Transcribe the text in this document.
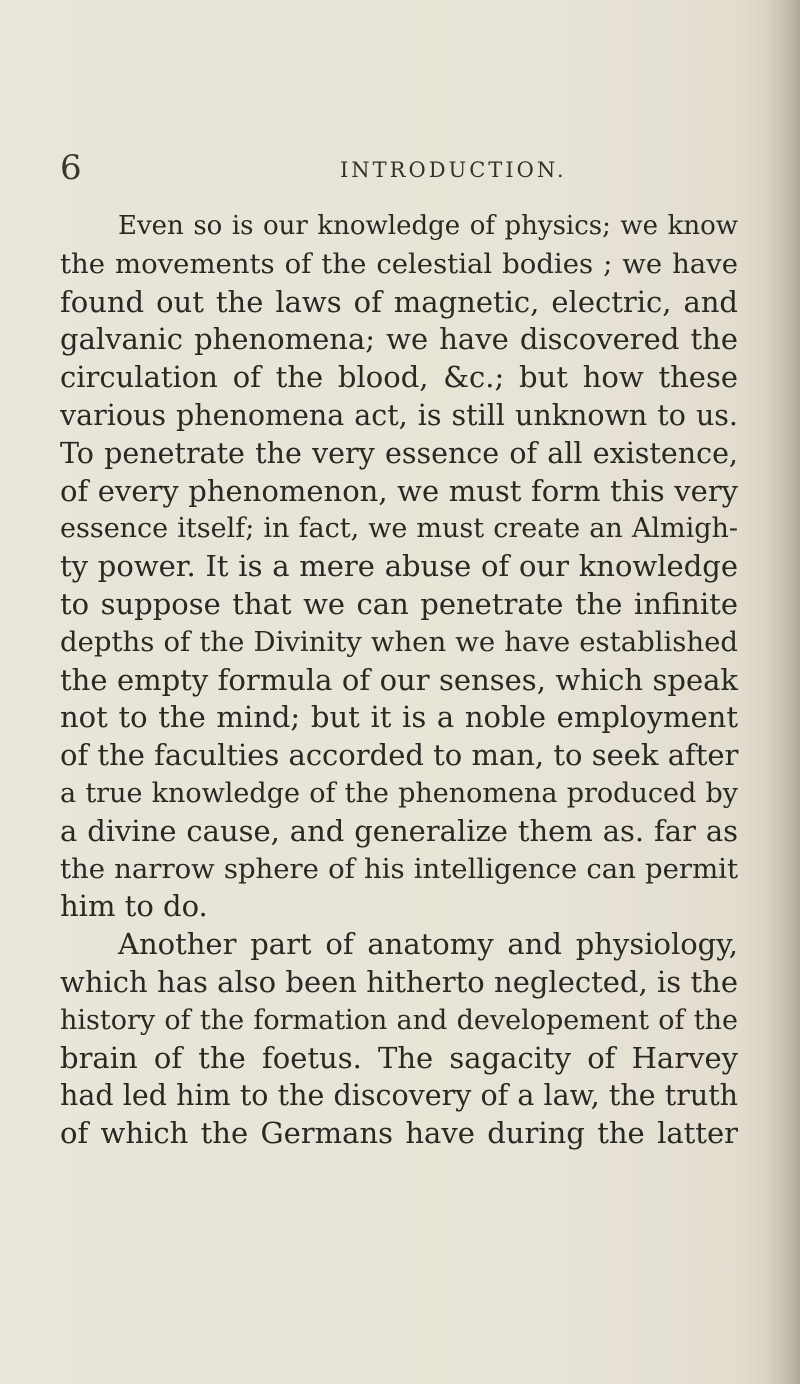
6	INTRODUCTION.
Even so is our knowledge of physics; we know
the movements of the celestial bodies ; we have
found out the laws of magnetic, electric, and
galvanic phenomena; we have discovered the
circulation of the blood, &c.; but how these
various phenomena act, is still unknown to us.
To penetrate the very essence of all existence,
of every phenomenon, we must form this very
essence itself; in fact, we must create an Almigh-
ty power. It is a mere abuse of our knowledge
to suppose that we can penetrate the infinite
depths of the Divinity when we have established
the empty formula of our senses, which speak
not to the mind; but it is a noble employment
of the faculties accorded to man, to seek after
a true knowledge of the phenomena produced by
a divine cause, and generalize them as. far as
the narrow sphere of his intelligence can permit
him to do.
Another part of anatomy and physiology,
which has also been hitherto neglected, is the
history of the formation and developement of the
brain of the foetus. The sagacity of Harvey
had led him to the discovery of a law, the truth
of which the Germans have during the latter
